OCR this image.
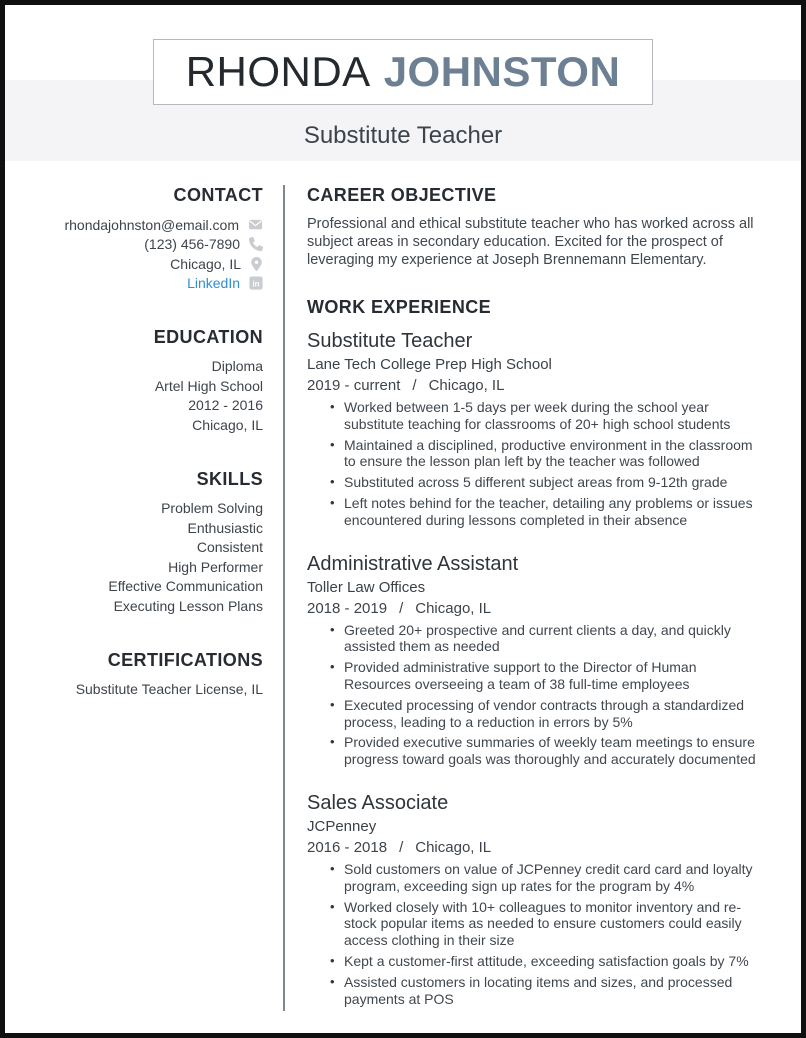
RHONDA JOHNSTON
Substitute Teacher
CONTACT
rhondajohnston@email.com
(123) 456-7890
Chicago, IL
LinkedIn in
EDUCATION
Diploma
Artel High School
2012 - 2016
Chicago, IL
SKILLS
Problem Solving
Enthusiastic
Consistent
High Performer
Effective Communication
Executing Lesson Plans
CERTIFICATIONS
Substitute Teacher License, IL
CAREER OBJECTIVE

Professional and ethical substitute teacher who has worked across all subject areas in secondary education. Excited for the prospect of leveraging my experience at Joseph Brennemann Elementary.

WORK EXPERIENCE
Substitute Teacher
Lane Tech College Prep High School
2019 - current / Chicago, IL
• Worked between 1-5 days per week during the school year substitute teaching for classrooms of 20+ high school students
• Maintained a disciplined, productive environment in the classroom to ensure the lesson plan left by the teacher was followed
• Substituted across 5 different subject areas from 9-12th grade
• Left notes behind for the teacher, detailing any problems or issues encountered during lessons completed in their absence
Administrative Assistant
Toller Law Offices
2018 - 2019 / Chicago, IL
• Greeted 20+ prospective and current clients a day, and quickly assisted them as needed
• Provided administrative support to the Director of Human Resources overseeing a team of 38 full-time employees
• Executed processing of vendor contracts through a standardized process, leading to a reduction in errors by 5%
• Provided executive summaries of weekly team meetings to ensure progress toward goals was thoroughly and accurately documented
Sales Associate
JCPenney
2016 - 2018 / Chicago, IL
• Sold customers on value of JCPenney credit card card and loyalty program, exceeding sign up rates for the program by 4%
• Worked closely with 10+ colleagues to monitor inventory and re-stock popular items as needed to ensure customers could easily access clothing in their size
• Kept a customer-first attitude, exceeding satisfaction goals by 7%
• Assisted customers in locating items and sizes, and processed payments at POS
